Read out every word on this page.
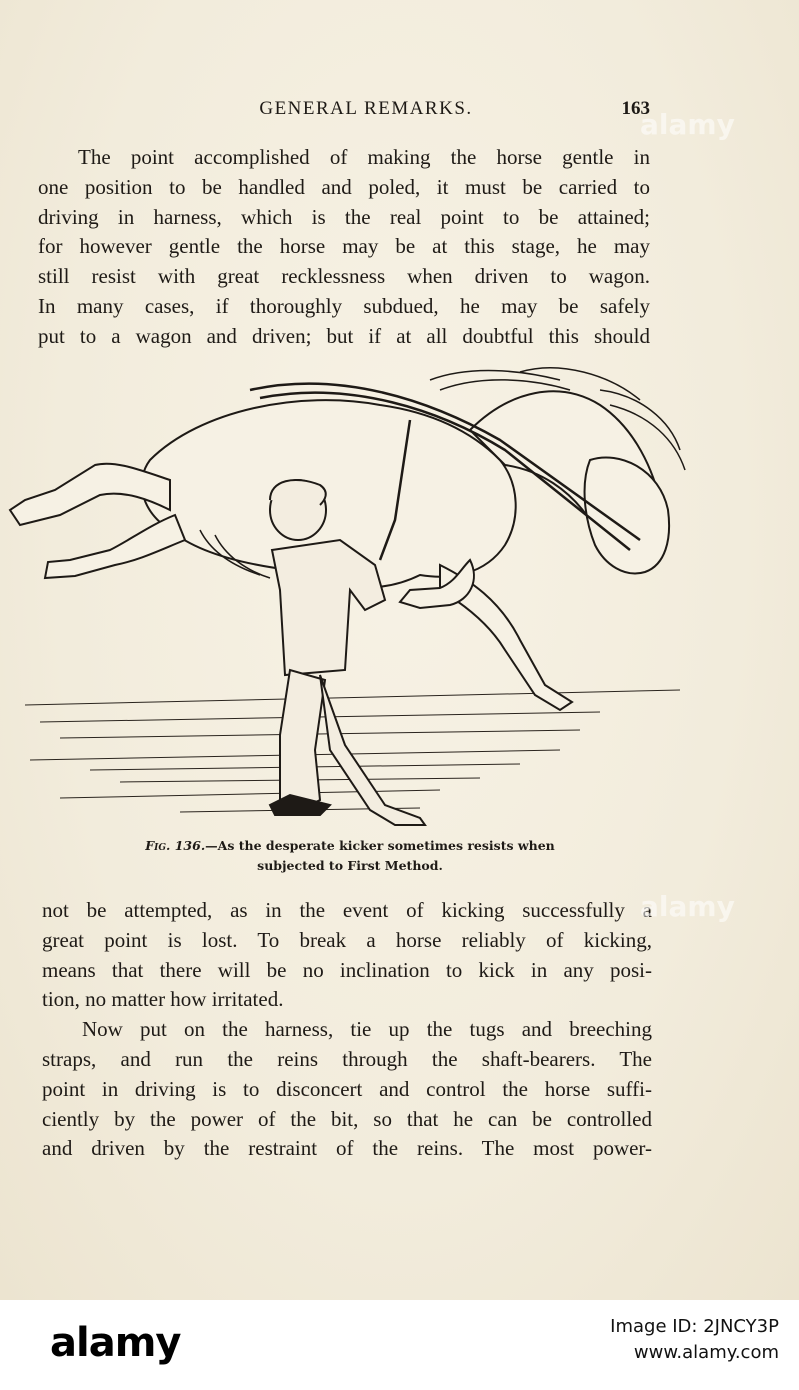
GENERAL REMARKS.	163
The point accomplished of making the horse gentle in
one position to be handled and poled, it must be carried to
driving in harness, which is the real point to be attained;
for however gentle the horse may be at this stage, he may
still resist with great recklessness when driven to wagon.
In many cases, if thoroughly subdued, he may be safely
put to a wagon and driven; but if at all doubtful this should
Fig. 136.—As the desperate kicker sometimes resists when
subjected to First Method.
not be attempted, as in the event of kicking successfully a
great point is lost. To break a horse reliably of kicking,
means that there will be no inclination to kick in any posi-
tion, no matter how irritated.
Now put on the harness, tie up the tugs and breeching
straps, and run the reins through the shaft-bearers. The
point in driving is to disconcert and control the horse suffi-
ciently by the power of the bit, so that he can be controlled
and driven by the restraint of the reins. The most power-
alamy
alamy
alamy	Image ID: 2JNCY3P
www.alamy.com
